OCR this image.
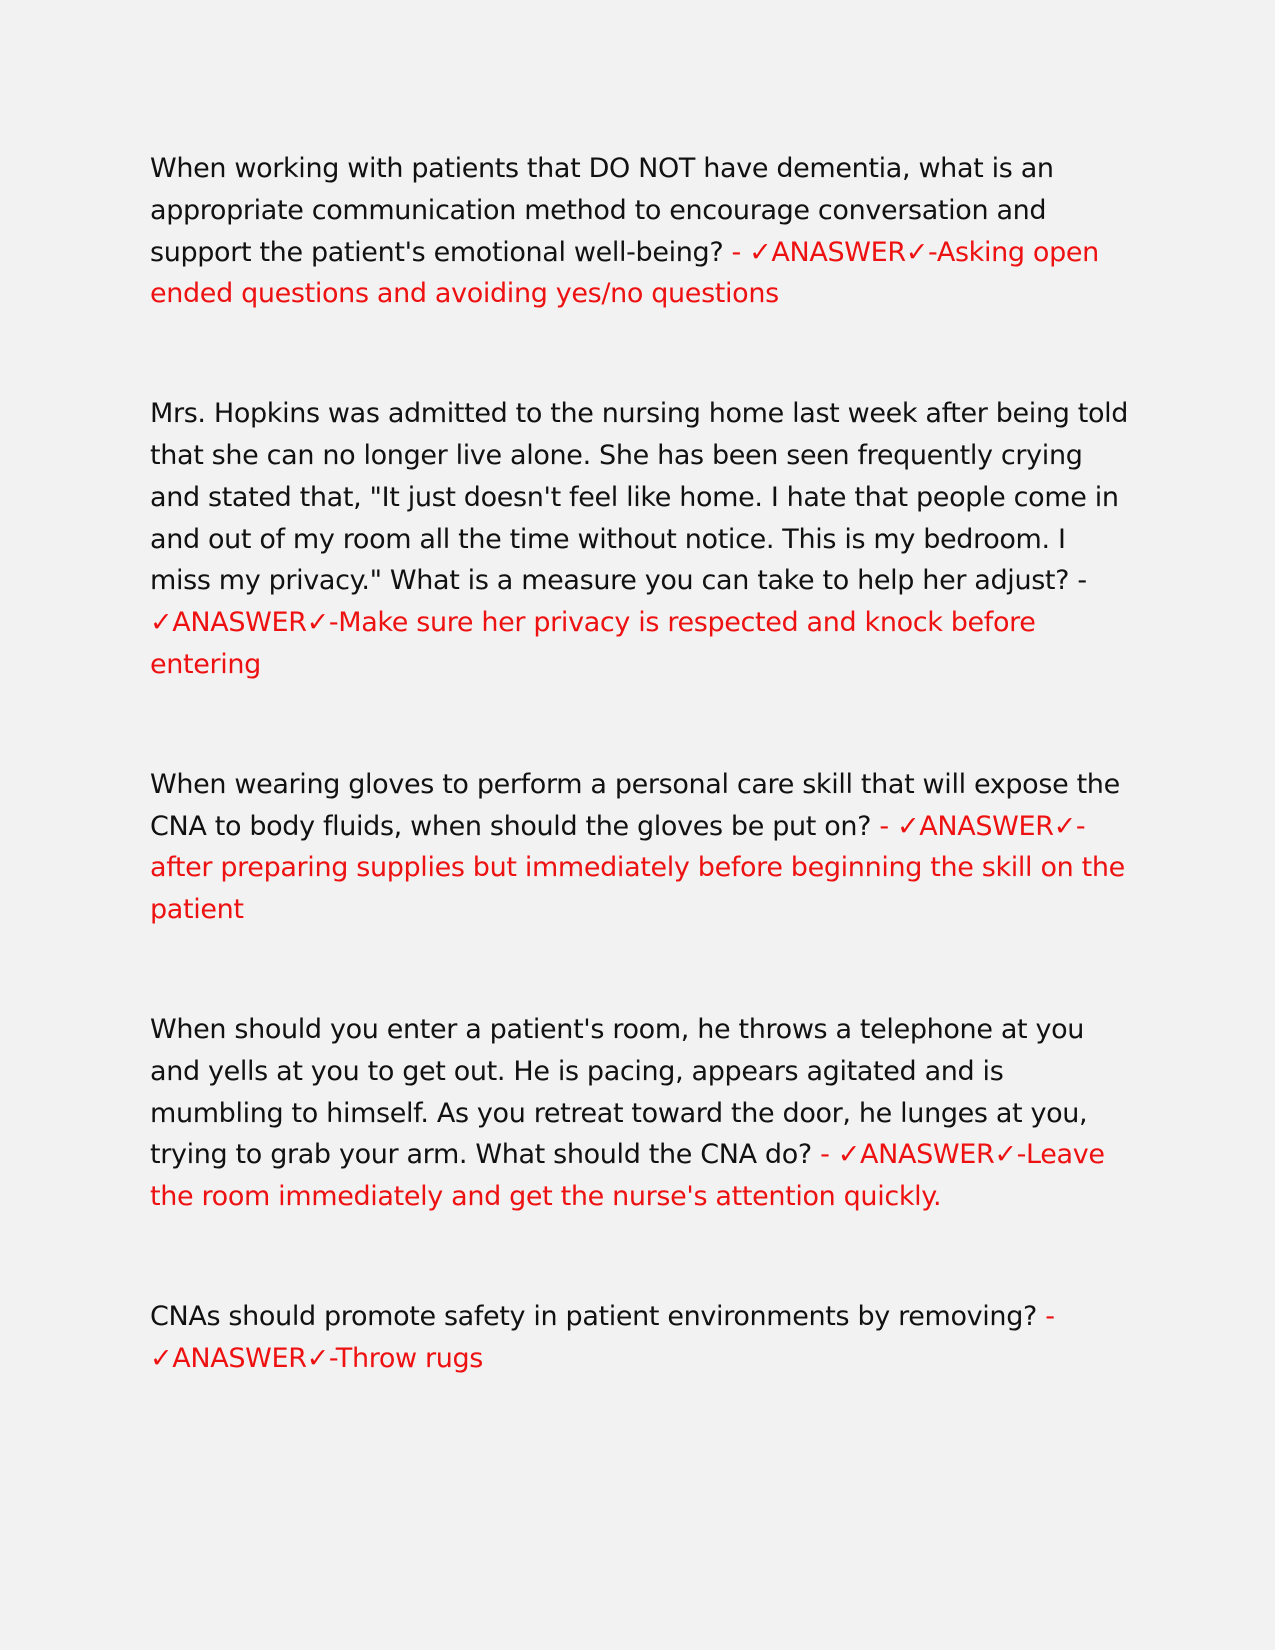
When working with patients that DO NOT have dementia, what is an appropriate communication method to encourage conversation and support the patient's emotional well-being? - ✓ANASWER✓-Asking open ended questions and avoiding yes/no questions

Mrs. Hopkins was admitted to the nursing home last week after being told that she can no longer live alone. She has been seen frequently crying and stated that, "It just doesn't feel like home. I hate that people come in and out of my room all the time without notice. This is my bedroom. I miss my privacy." What is a measure you can take to help her adjust? - ✓ANASWER✓-Make sure her privacy is respected and knock before entering

When wearing gloves to perform a personal care skill that will expose the CNA to body fluids, when should the gloves be put on? - ✓ANASWER✓- after preparing supplies but immediately before beginning the skill on the patient

When should you enter a patient's room, he throws a telephone at you and yells at you to get out. He is pacing, appears agitated and is mumbling to himself. As you retreat toward the door, he lunges at you, trying to grab your arm. What should the CNA do? - ✓ANASWER✓-Leave the room immediately and get the nurse's attention quickly.

CNAs should promote safety in patient environments by removing? - ✓ANASWER✓-Throw rugs
